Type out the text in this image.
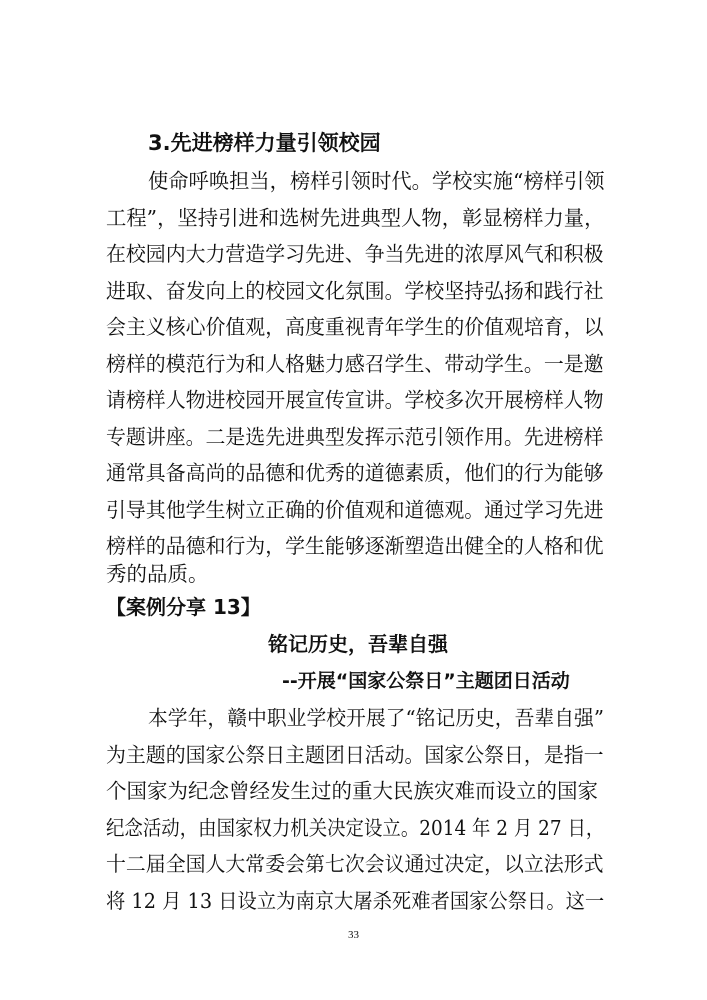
3.先进榜样力量引领校园
使命呼唤担当，榜样引领时代。学校实施“榜样引领
工程”，坚持引进和选树先进典型人物，彰显榜样力量，
在校园内大力营造学习先进、争当先进的浓厚风气和积极
进取、奋发向上的校园文化氛围。学校坚持弘扬和践行社
会主义核心价值观，高度重视青年学生的价值观培育，以
榜样的模范行为和人格魅力感召学生、带动学生。一是邀
请榜样人物进校园开展宣传宣讲。学校多次开展榜样人物
专题讲座。二是选先进典型发挥示范引领作用。先进榜样
通常具备高尚的品德和优秀的道德素质，他们的行为能够
引导其他学生树立正确的价值观和道德观。通过学习先进
榜样的品德和行为，学生能够逐渐塑造出健全的人格和优
秀的品质。
【案例分享 13】
铭记历史，吾辈自强
--开展“国家公祭日”主题团日活动
本学年，赣中职业学校开展了“铭记历史，吾辈自强”
为主题的国家公祭日主题团日活动。国家公祭日，是指一
个国家为纪念曾经发生过的重大民族灾难而设立的国家
纪念活动，由国家权力机关决定设立。2014 年 2 月 27 日，
十二届全国人大常委会第七次会议通过决定，以立法形式
将 12 月 13 日设立为南京大屠杀死难者国家公祭日。这一
33
